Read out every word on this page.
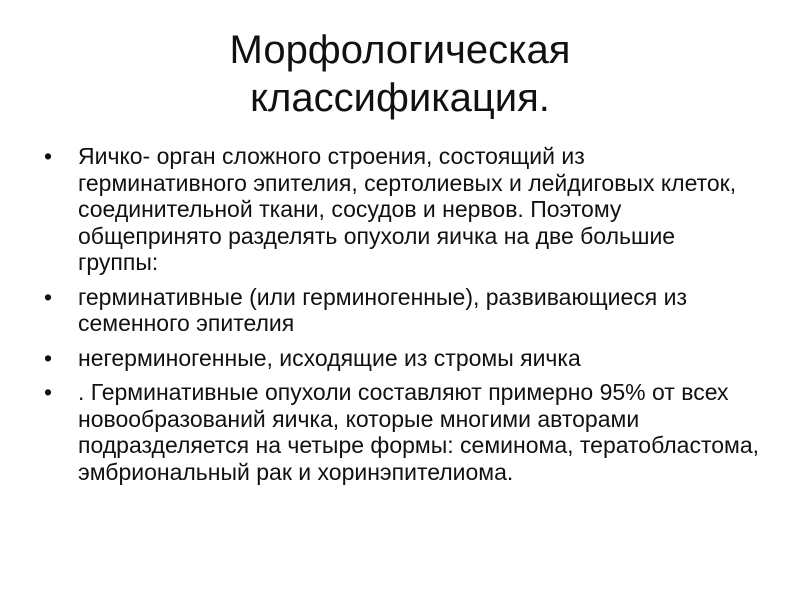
Морфологическая
классификация.
•	Яичко- орган сложного строения, состоящий из герминативного эпителия, сертолиевых и лейдиговых клеток, соединительной ткани, сосудов и нервов. Поэтому общепринято разделять опухоли яичка на две большие группы:
•	герминативные (или герминогенные), развивающиеся из семенного эпителия
•	негерминогенные, исходящие из стромы яичка
•	. Герминативные опухоли составляют примерно 95% от всех новообразований яичка, которые многими авторами подразделяется на четыре формы: семинома, тератобластома, эмбриональный рак и хоринэпителиома.
